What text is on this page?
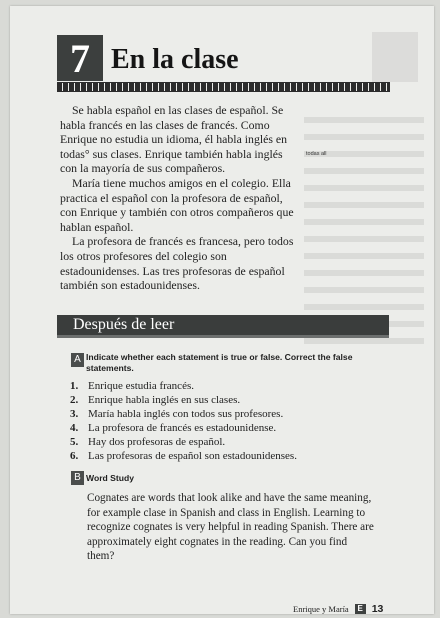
7 En la clase

Se habla español en las clases de español. Se habla francés en las clases de francés. Como Enrique no estudia un idioma, él habla inglés en todas° sus clases. Enrique también habla inglés con la mayoría de sus compañeros.

María tiene muchos amigos en el colegio. Ella practica el español con la profesora de español, con Enrique y también con otros compañeros que hablan español.

La profesora de francés es francesa, pero todos los otros profesores del colegio son estadounidenses. Las tres profesoras de español también son estadounidenses.

todas all
Después de leer
A Indicate whether each statement is true or false. Correct the false statements.
1. Enrique estudia francés.
2. Enrique habla inglés en sus clases.
3. María habla inglés con todos sus profesores.
4. La profesora de francés es estadounidense.
5. Hay dos profesoras de español.
6. Las profesoras de español son estadounidenses.
B Word Study
Cognates are words that look alike and have the same meaning, for example clase in Spanish and class in English. Learning to recognize cognates is very helpful in reading Spanish. There are approximately eight cognates in the reading. Can you find them?
Enrique y María	E 13
